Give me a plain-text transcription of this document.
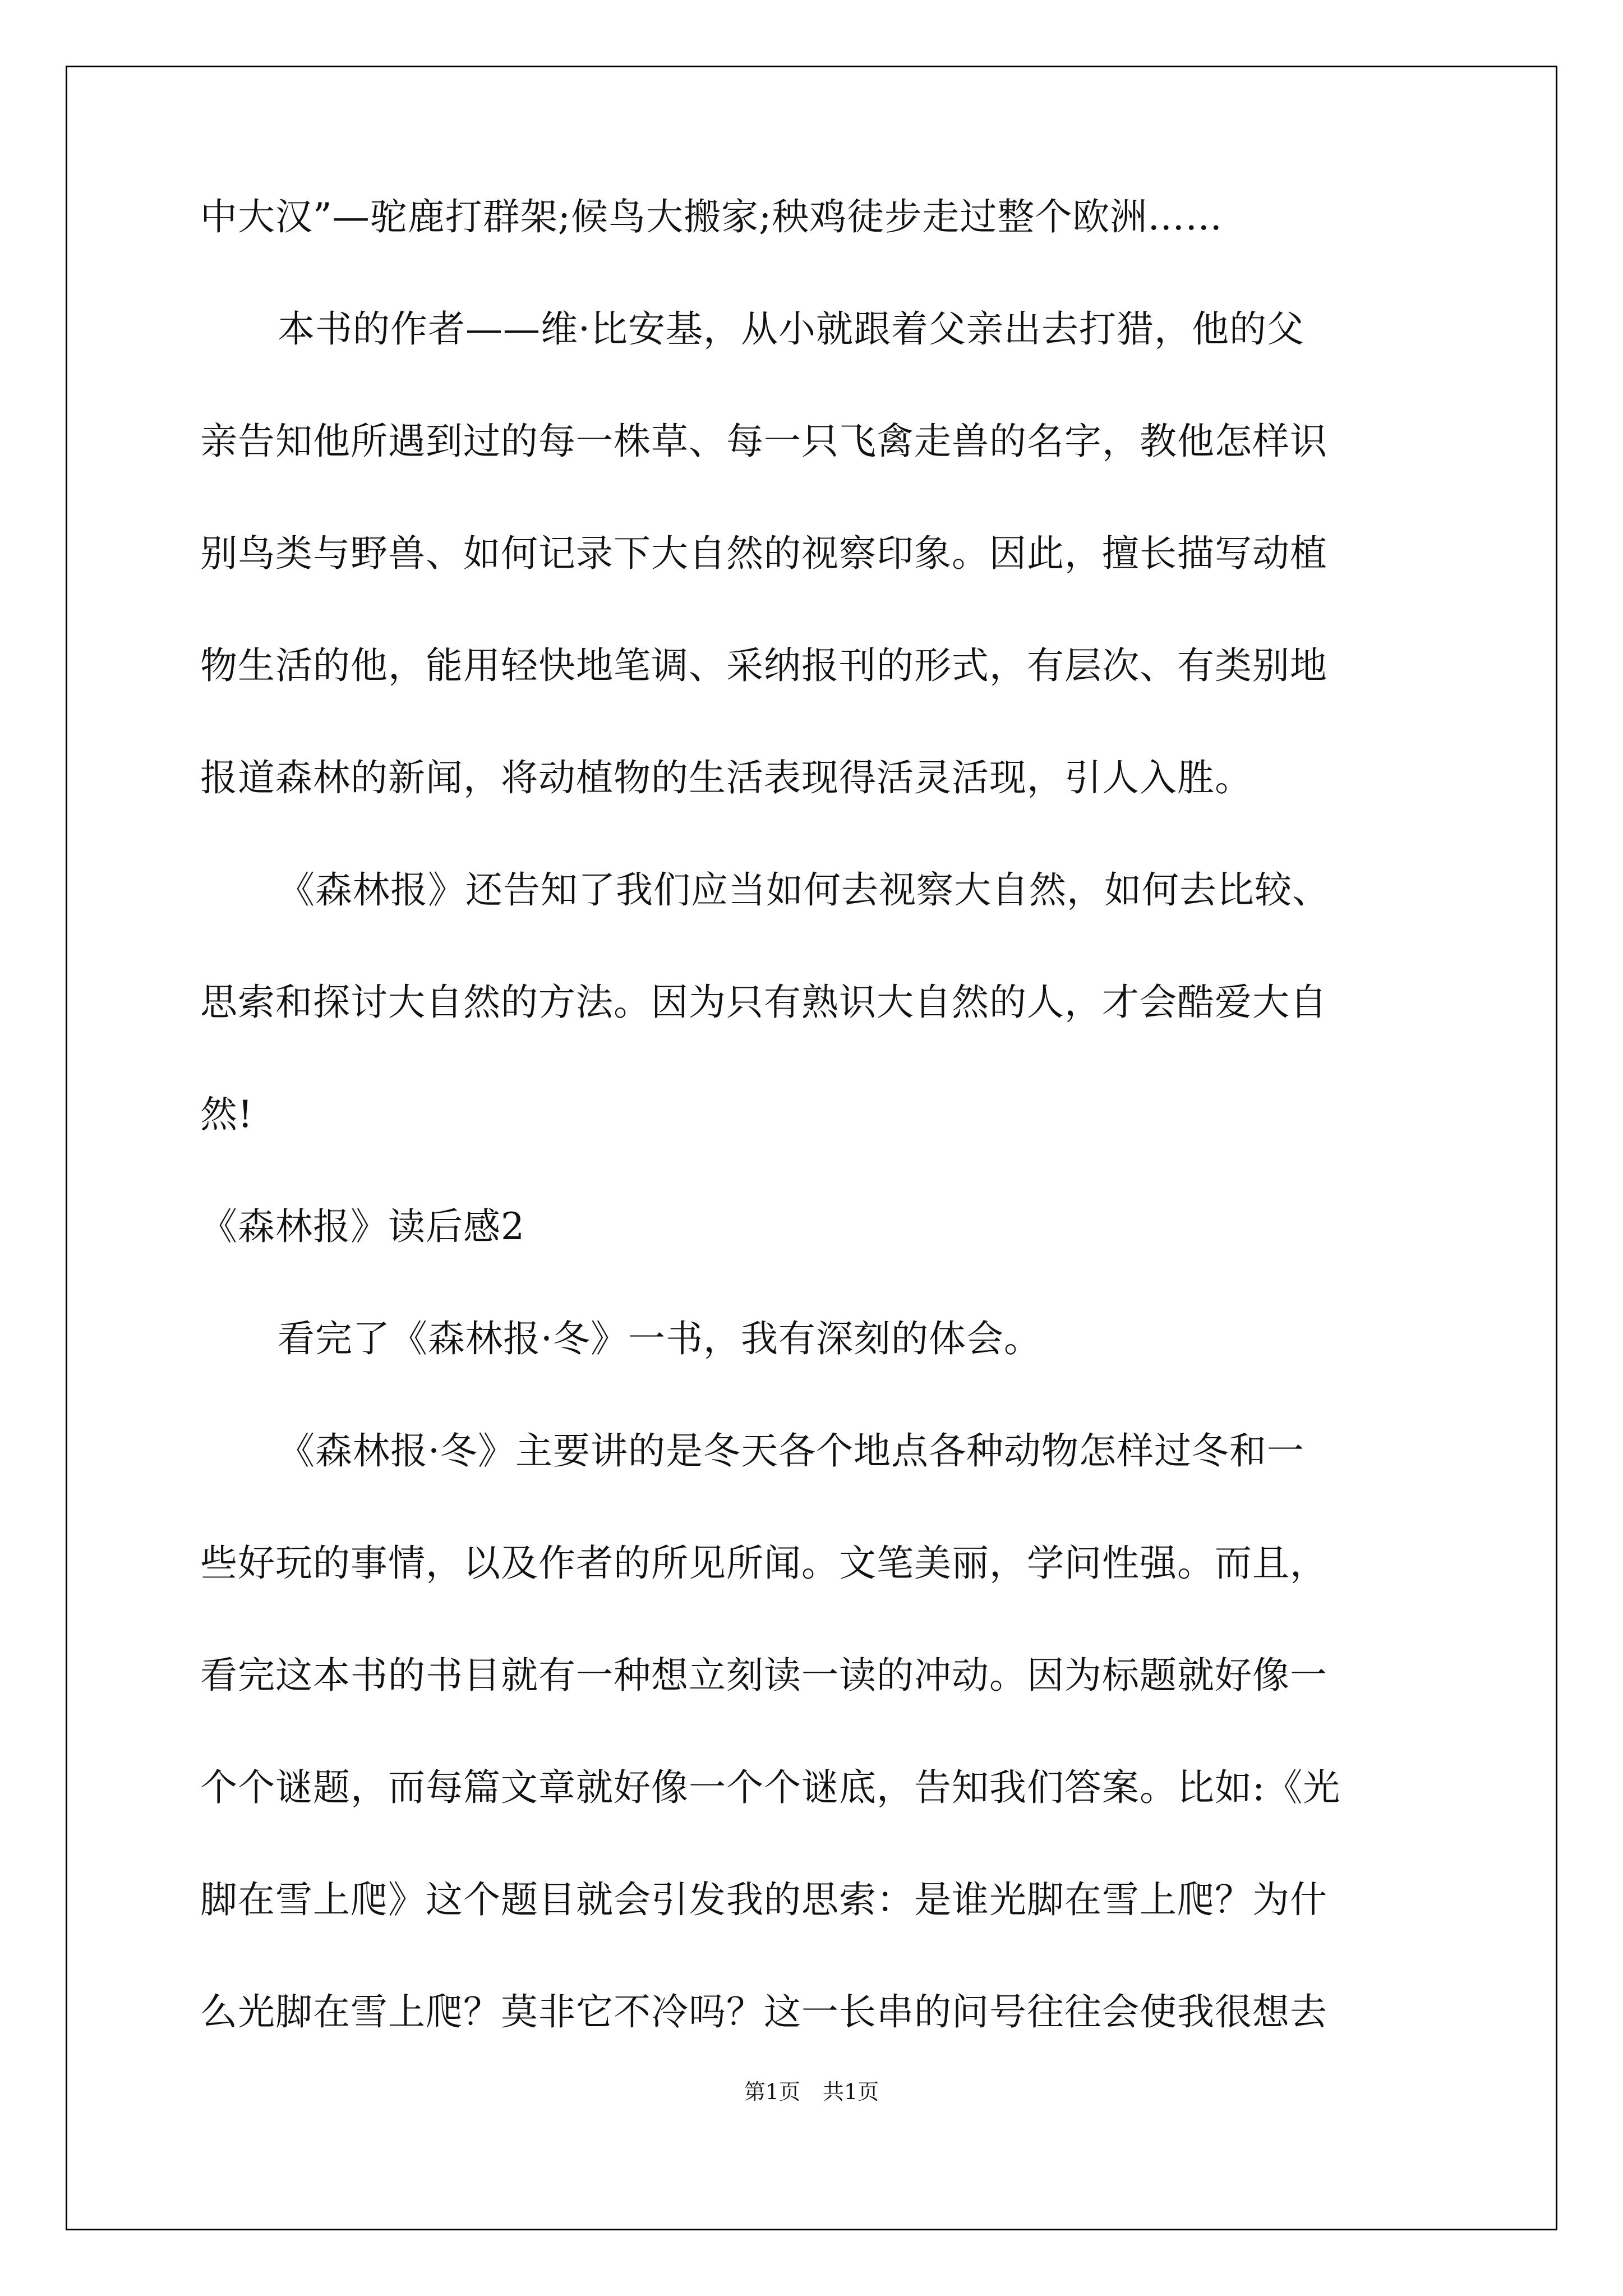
中大汉”—驼鹿打群架;候鸟大搬家;秧鸡徒步走过整个欧洲……
本书的作者——维·比安基，从小就跟着父亲出去打猎，他的父
亲告知他所遇到过的每一株草、每一只飞禽走兽的名字，教他怎样识
别鸟类与野兽、如何记录下大自然的视察印象。因此，擅长描写动植
物生活的他，能用轻快地笔调、采纳报刊的形式，有层次、有类别地
报道森林的新闻，将动植物的生活表现得活灵活现，引人入胜。
《森林报》还告知了我们应当如何去视察大自然，如何去比较、
思索和探讨大自然的方法。因为只有熟识大自然的人，才会酷爱大自
然!
《森林报》读后感2
看完了《森林报·冬》一书，我有深刻的体会。
《森林报·冬》主要讲的是冬天各个地点各种动物怎样过冬和一
些好玩的事情，以及作者的所见所闻。文笔美丽，学问性强。而且，
看完这本书的书目就有一种想立刻读一读的冲动。因为标题就好像一
个个谜题，而每篇文章就好像一个个谜底，告知我们答案。比如:《光
脚在雪上爬》这个题目就会引发我的思索：是谁光脚在雪上爬？为什
么光脚在雪上爬？莫非它不冷吗？这一长串的问号往往会使我很想去
第1页 共1页
